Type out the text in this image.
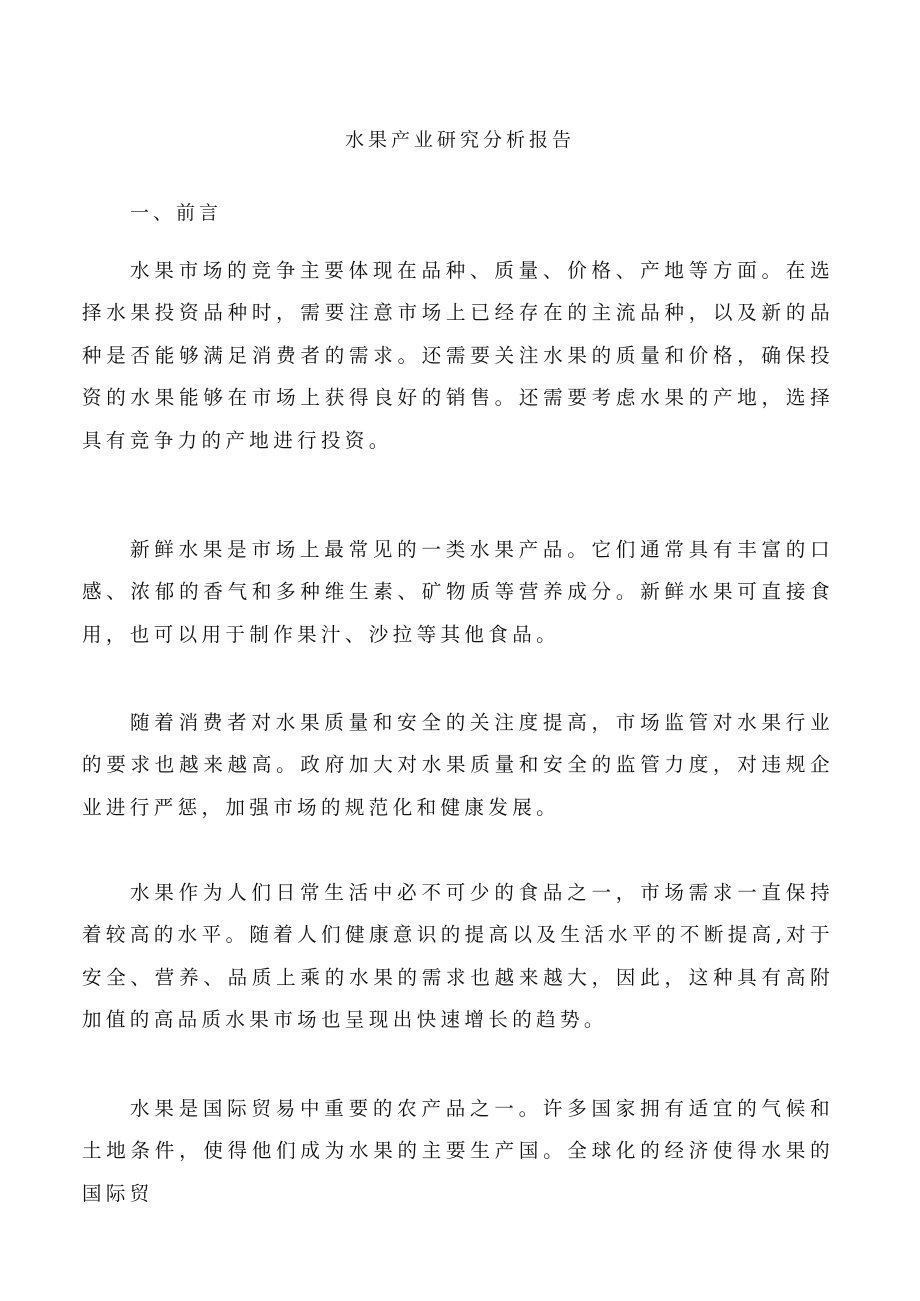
水果产业研究分析报告
一、前言

水果市场的竞争主要体现在品种、质量、价格、产地等方面。在选择水果投资品种时，需要注意市场上已经存在的主流品种，以及新的品种是否能够满足消费者的需求。还需要关注水果的质量和价格，确保投资的水果能够在市场上获得良好的销售。还需要考虑水果的产地，选择具有竞争力的产地进行投资。

新鲜水果是市场上最常见的一类水果产品。它们通常具有丰富的口感、浓郁的香气和多种维生素、矿物质等营养成分。新鲜水果可直接食用，也可以用于制作果汁、沙拉等其他食品。

随着消费者对水果质量和安全的关注度提高，市场监管对水果行业的要求也越来越高。政府加大对水果质量和安全的监管力度，对违规企业进行严惩，加强市场的规范化和健康发展。

水果作为人们日常生活中必不可少的食品之一，市场需求一直保持着较高的水平。随着人们健康意识的提高以及生活水平的不断提高,对于安全、营养、品质上乘的水果的需求也越来越大，因此，这种具有高附加值的高品质水果市场也呈现出快速增长的趋势。

水果是国际贸易中重要的农产品之一。许多国家拥有适宜的气候和土地条件，使得他们成为水果的主要生产国。全球化的经济使得水果的国际贸
